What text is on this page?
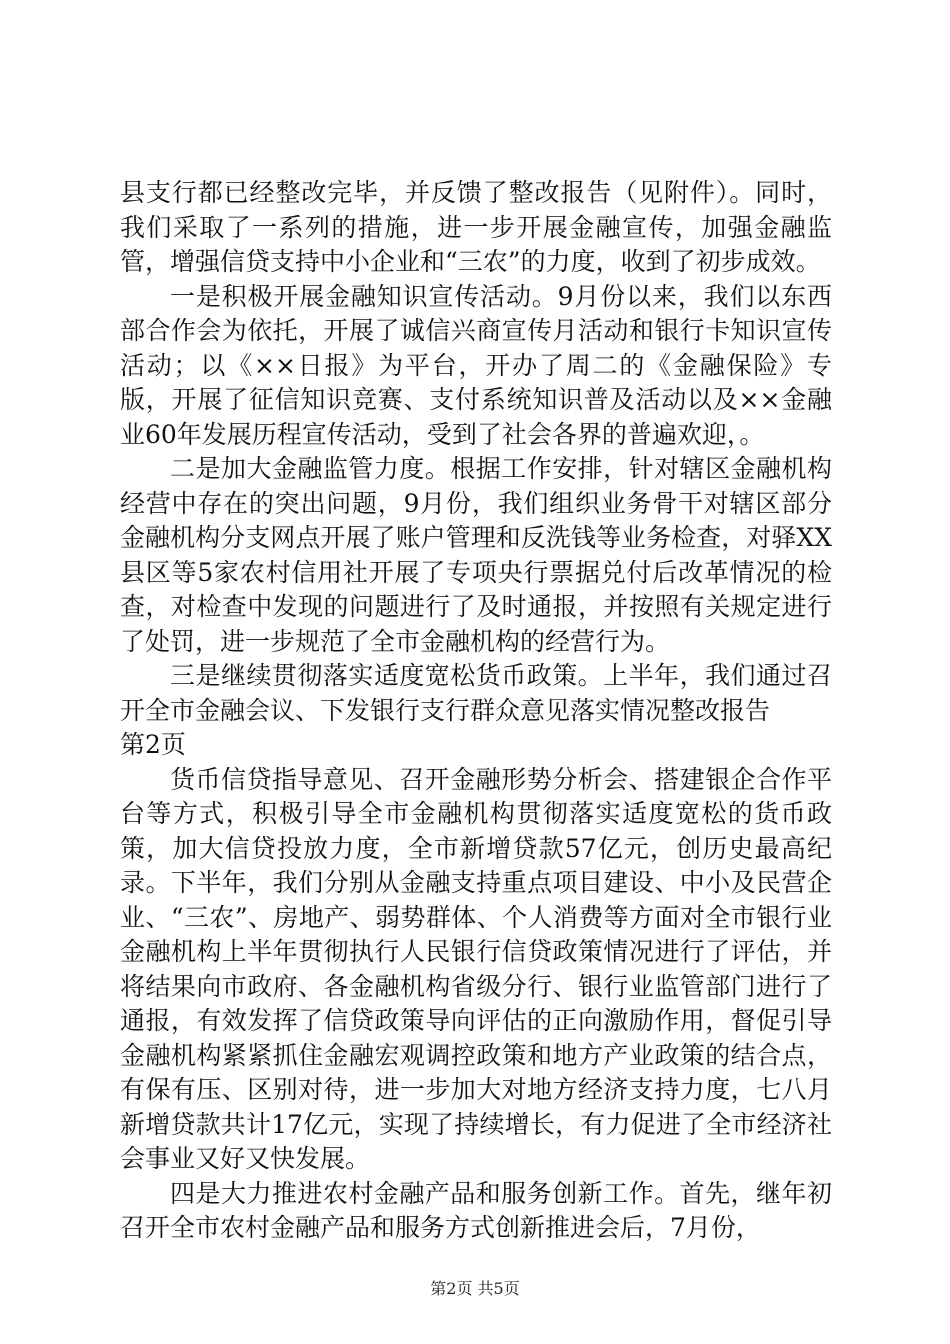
县支行都已经整改完毕，并反馈了整改报告（见附件）。同时，我们采取了一系列的措施，进一步开展金融宣传，加强金融监管，增强信贷支持中小企业和“三农”的力度，收到了初步成效。

一是积极开展金融知识宣传活动。9月份以来，我们以东西部合作会为依托，开展了诚信兴商宣传月活动和银行卡知识宣传活动；以《××日报》为平台，开办了周二的《金融保险》专版，开展了征信知识竞赛、支付系统知识普及活动以及××金融业60年发展历程宣传活动，受到了社会各界的普遍欢迎，。

二是加大金融监管力度。根据工作安排，针对辖区金融机构经营中存在的突出问题，9月份，我们组织业务骨干对辖区部分金融机构分支网点开展了账户管理和反洗钱等业务检查，对驿XX县区等5家农村信用社开展了专项央行票据兑付后改革情况的检查，对检查中发现的问题进行了及时通报，并按照有关规定进行了处罚，进一步规范了全市金融机构的经营行为。

三是继续贯彻落实适度宽松货币政策。上半年，我们通过召开全市金融会议、下发银行支行群众意见落实情况整改报告

第2页

货币信贷指导意见、召开金融形势分析会、搭建银企合作平台等方式，积极引导全市金融机构贯彻落实适度宽松的货币政策，加大信贷投放力度，全市新增贷款57亿元，创历史最高纪录。下半年，我们分别从金融支持重点项目建设、中小及民营企业、“三农”、房地产、弱势群体、个人消费等方面对全市银行业金融机构上半年贯彻执行人民银行信贷政策情况进行了评估，并将结果向市政府、各金融机构省级分行、银行业监管部门进行了通报，有效发挥了信贷政策导向评估的正向激励作用，督促引导金融机构紧紧抓住金融宏观调控政策和地方产业政策的结合点，有保有压、区别对待，进一步加大对地方经济支持力度，七八月新增贷款共计17亿元，实现了持续增长，有力促进了全市经济社会事业又好又快发展。

四是大力推进农村金融产品和服务创新工作。首先，继年初召开全市农村金融产品和服务方式创新推进会后，7月份，

第2页 共5页
